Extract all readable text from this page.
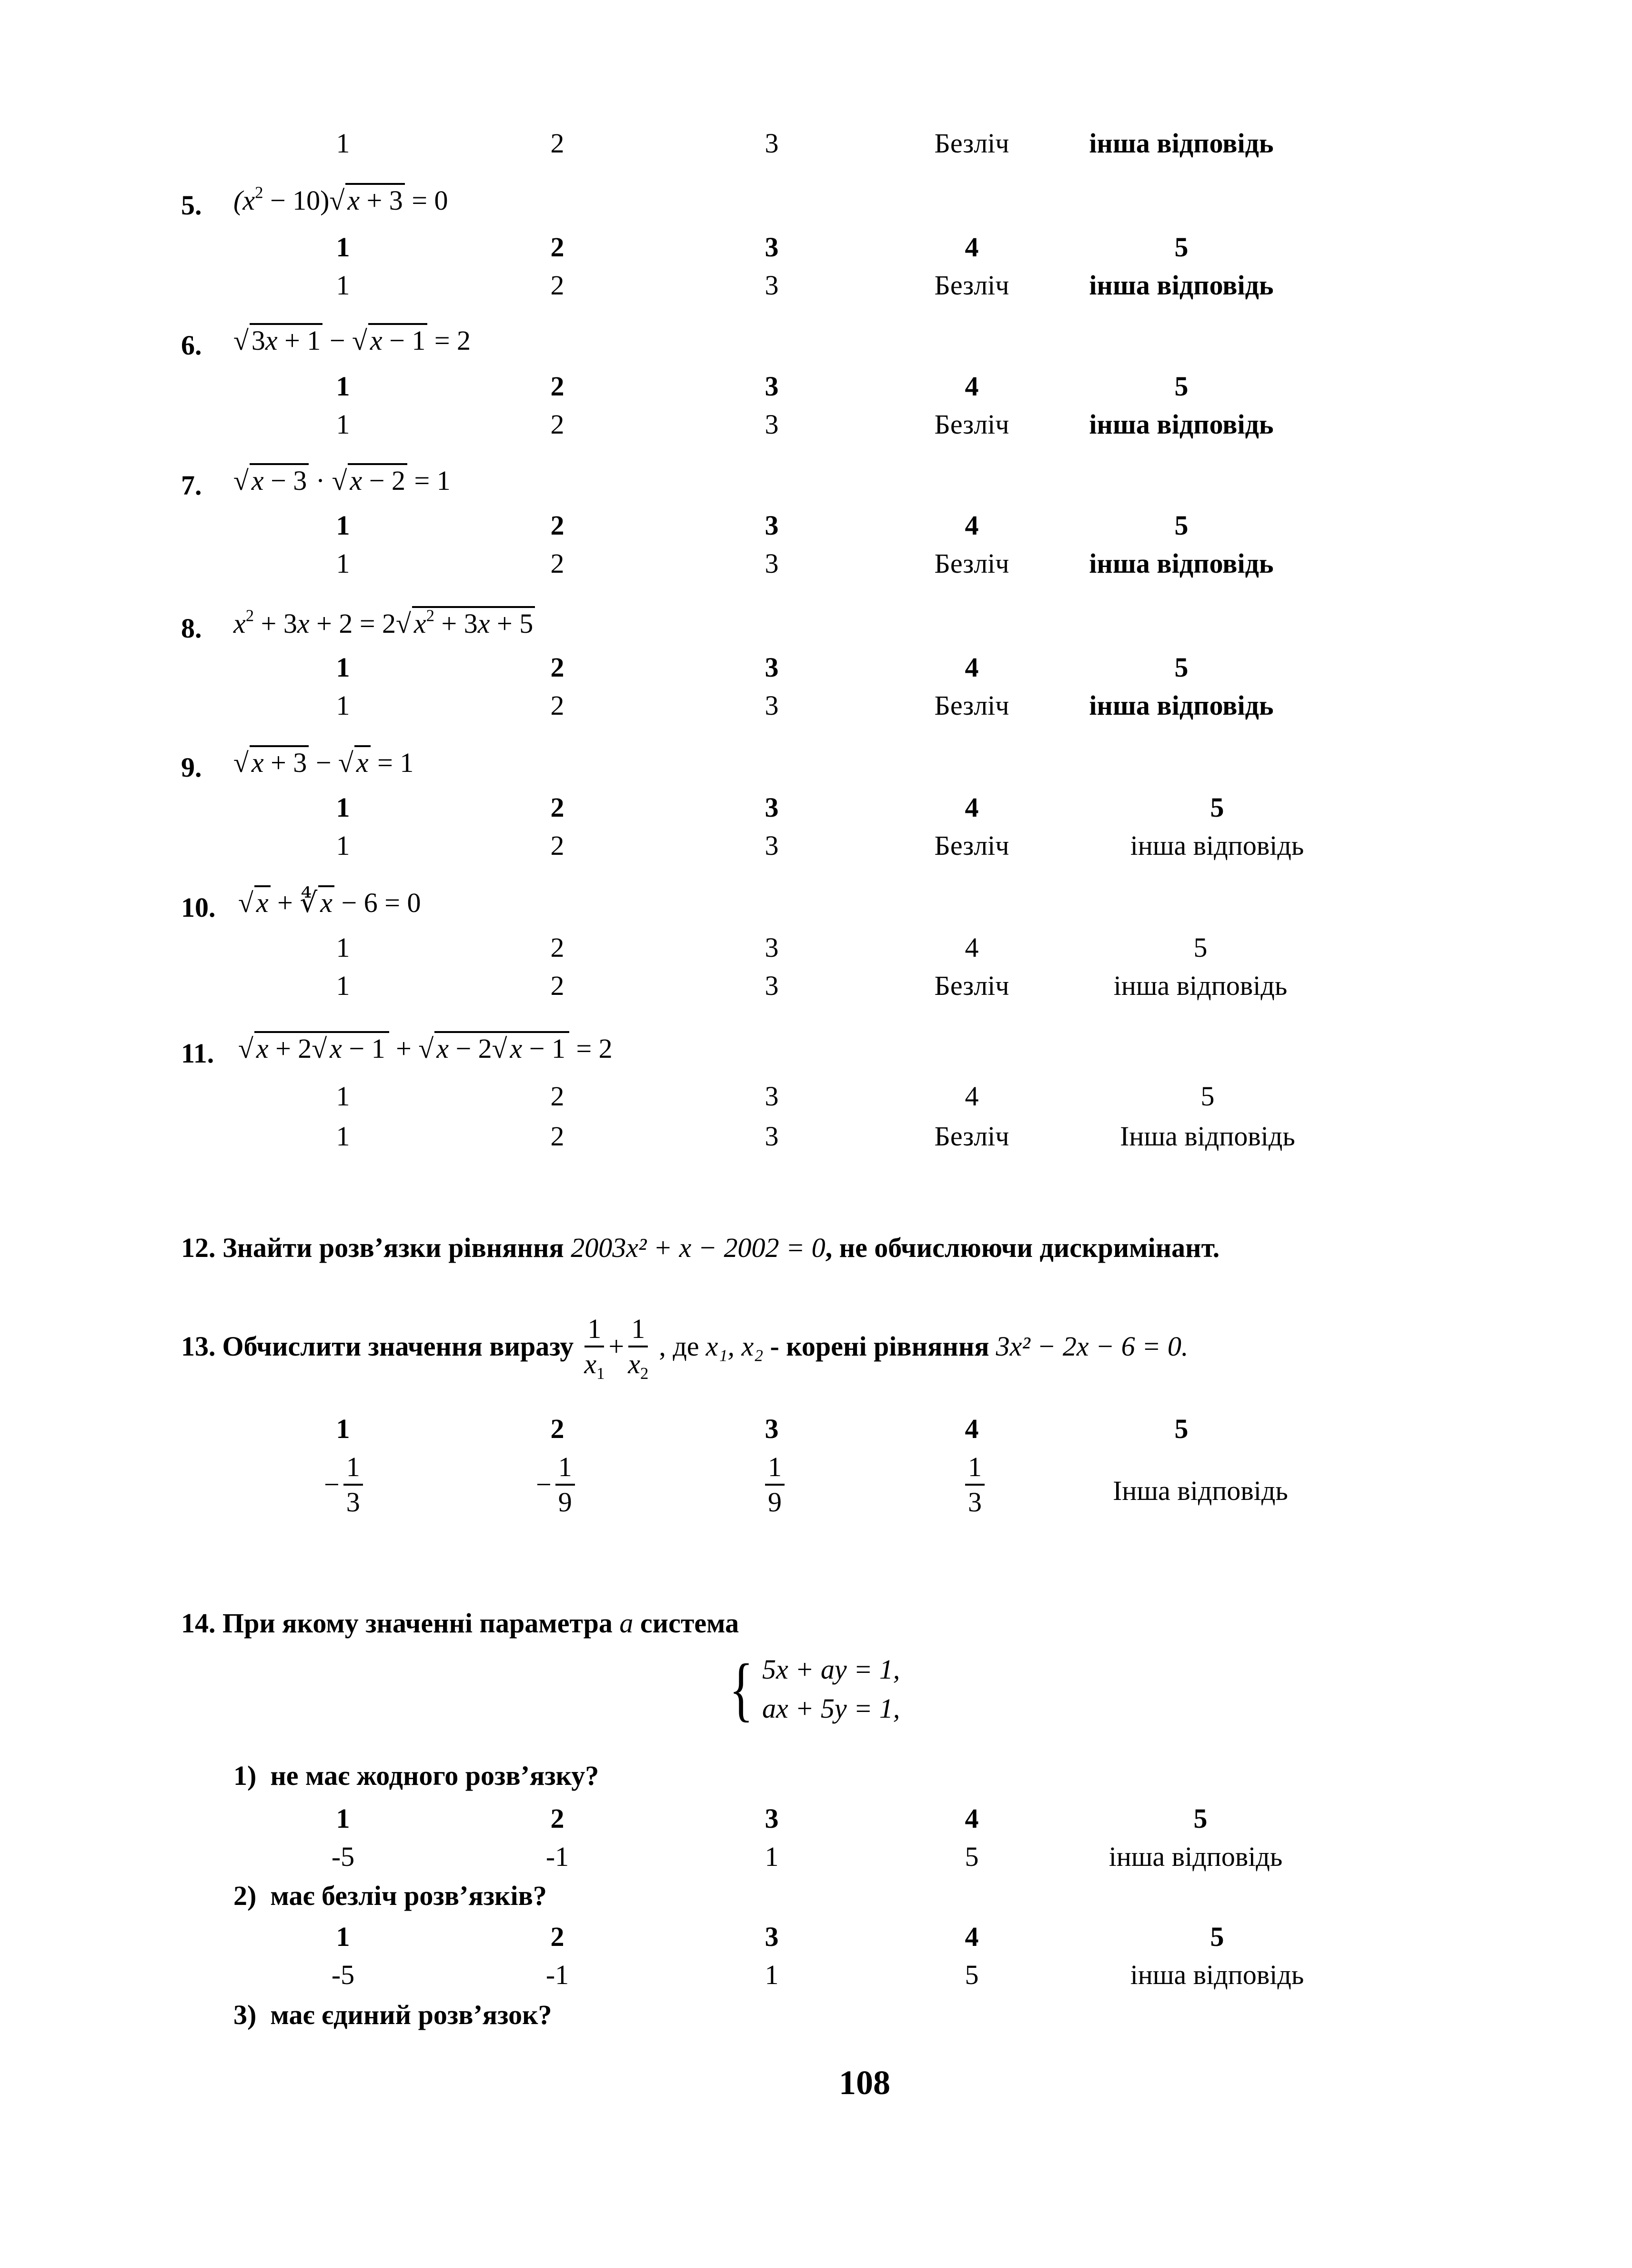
1	2	3	Безліч	інша відповідь
5. $(x^2 - 10)√$ x + 3 = 0
1	2	3	4	5
1	2	3	Безліч	інша відповідь
6. √ 3x + 1 − √ x − 1 = 2
1	2	3	4	5
1	2	3	Безліч	інша відповідь
7. √ x − 3 · √ x − 2 = 1
1	2	3	4	5
1	2	3	Безліч	інша відповідь
8. $x^2 + 3x + 2 = 2√$ $x^2 + 3x + 5$
1	2	3	4	5
1	2	3	Безліч	інша відповідь
9. √ x + 3 − √ x = 1
1	2	3	4	5
1	2	3	Безліч	інша відповідь
10. √ x + ∜ x − 6 = 0
1	2	3	4	5
1	2	3	Безліч	інша відповідь
11. √ x + 2√ x − 1 + √ x − 2√ x − 1 = 2
1	2	3	4	5
1	2	3	Безліч	Інша відповідь
12. Знайти розв’язки рівняння 2003x² + x − 2002 = 0, не обчислюючи дискримінант.
13. Обчислити значення виразу $\frac{1}{x_1} + \frac{1}{x_2}$ , де x₁, x₂ - корені рівняння 3x² − 2x − 6 = 0.
1	2	3	4	5
− $\frac{1}{3}$	− $\frac{1}{9}$	$\frac{1}{9}$	$\frac{1}{3}$	Інша відповідь
14. При якому значенні параметра a система
{ 5x + ay = 1,
ax + 5y = 1,
1) не має жодного розв’язку?
1	2	3	4	5
-5	-1	1	5	інша відповідь
2) має безліч розв’язків?
1	2	3	4	5
-5	-1	1	5	інша відповідь
3) має єдиний розв’язок?
108
